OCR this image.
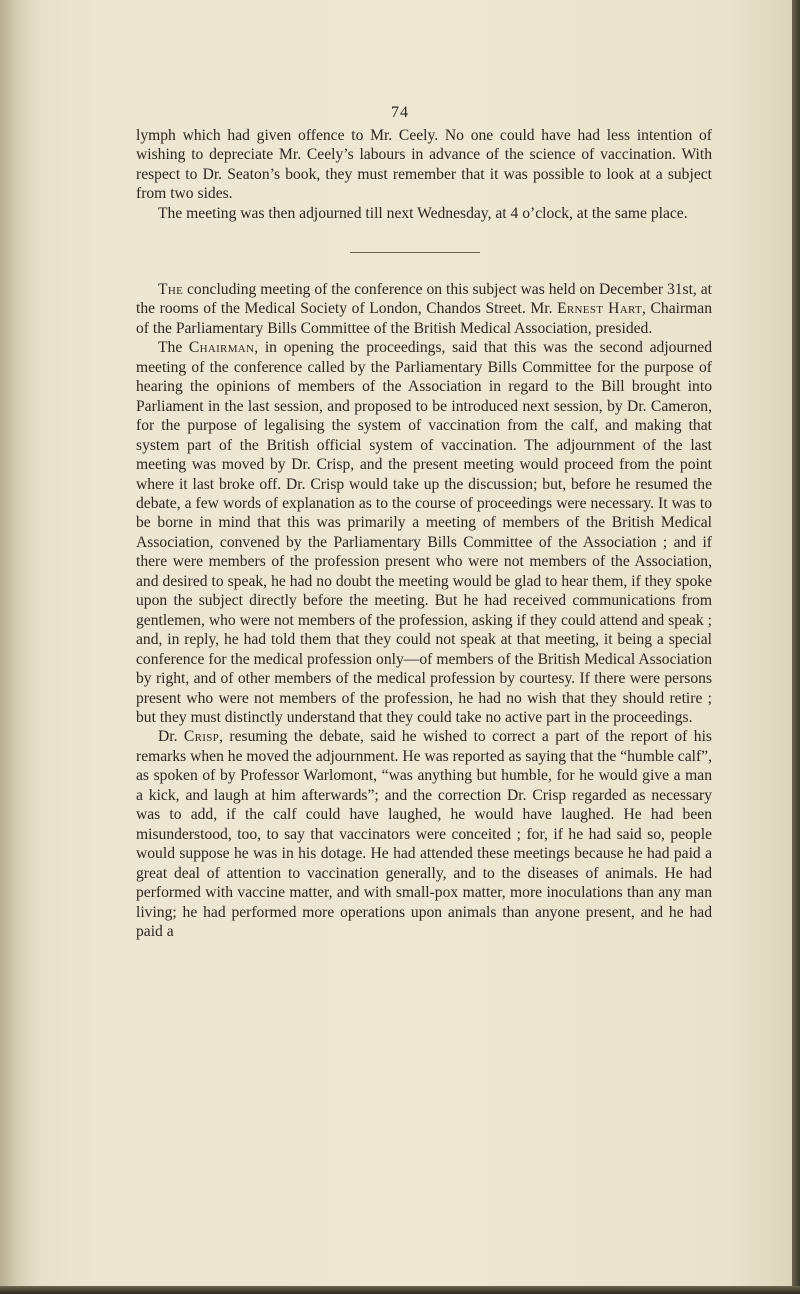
74

lymph which had given offence to Mr. Ceely. No one could have had less intention of wishing to depreciate Mr. Ceely’s labours in advance of the science of vaccination. With respect to Dr. Seaton’s book, they must remember that it was possible to look at a subject from two sides.

The meeting was then adjourned till next Wednesday, at 4 o’clock, at the same place.

The concluding meeting of the conference on this subject was held on December 31st, at the rooms of the Medical Society of London, Chandos Street. Mr. Ernest Hart, Chairman of the Parliamentary Bills Committee of the British Medical Association, presided.

The Chairman, in opening the proceedings, said that this was the second adjourned meeting of the conference called by the Parliamentary Bills Committee for the purpose of hearing the opinions of members of the Association in regard to the Bill brought into Parliament in the last session, and proposed to be introduced next session, by Dr. Cameron, for the purpose of legalising the system of vaccination from the calf, and making that system part of the British official system of vaccination. The adjournment of the last meeting was moved by Dr. Crisp, and the present meeting would proceed from the point where it last broke off. Dr. Crisp would take up the discussion; but, before he resumed the debate, a few words of explanation as to the course of proceedings were necessary. It was to be borne in mind that this was primarily a meeting of members of the British Medical Association, convened by the Parliamentary Bills Committee of the Association ; and if there were members of the profession present who were not members of the Association, and desired to speak, he had no doubt the meeting would be glad to hear them, if they spoke upon the subject directly before the meeting. But he had received communications from gentlemen, who were not members of the profession, asking if they could attend and speak ; and, in reply, he had told them that they could not speak at that meeting, it being a special conference for the medical profession only—of members of the British Medical Association by right, and of other members of the medical profession by courtesy. If there were persons present who were not members of the profession, he had no wish that they should retire ; but they must distinctly understand that they could take no active part in the proceedings.

Dr. Crisp, resuming the debate, said he wished to correct a part of the report of his remarks when he moved the adjournment. He was reported as saying that the “humble calf”, as spoken of by Professor Warlomont, “was anything but humble, for he would give a man a kick, and laugh at him afterwards”; and the correction Dr. Crisp regarded as necessary was to add, if the calf could have laughed, he would have laughed. He had been misunderstood, too, to say that vaccinators were conceited ; for, if he had said so, people would suppose he was in his dotage. He had attended these meetings because he had paid a great deal of attention to vaccination generally, and to the diseases of animals. He had performed with vaccine matter, and with small-pox matter, more inoculations than any man living; he had performed more operations upon animals than anyone present, and he had paid a
